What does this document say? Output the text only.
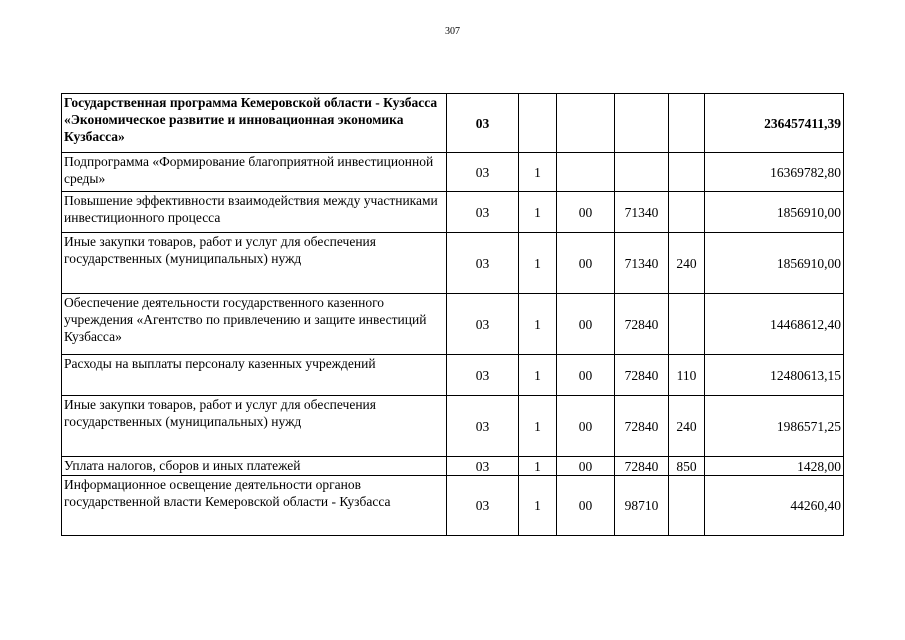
307
Государственная программа Кемеровской области - Кузбасса «Экономическое развитие и инновационная экономика Кузбасса»	03					236457411,39
Подпрограмма «Формирование благоприятной инвестиционной среды»	03	1				16369782,80
Повышение эффективности взаимодействия между участниками инвестиционного процесса	03	1	00	71340		1856910,00
Иные закупки товаров, работ и услуг для обеспечения государственных (муниципальных) нужд	03	1	00	71340	240	1856910,00
Обеспечение деятельности государственного казенного учреждения «Агентство по привлечению и защите инвестиций Кузбасса»	03	1	00	72840		14468612,40
Расходы на выплаты персоналу казенных учреждений	03	1	00	72840	110	12480613,15
Иные закупки товаров, работ и услуг для обеспечения государственных (муниципальных) нужд	03	1	00	72840	240	1986571,25
Уплата налогов, сборов и иных платежей	03	1	00	72840	850	1428,00
Информационное освещение деятельности органов государственной власти Кемеровской области - Кузбасса	03	1	00	98710		44260,40
